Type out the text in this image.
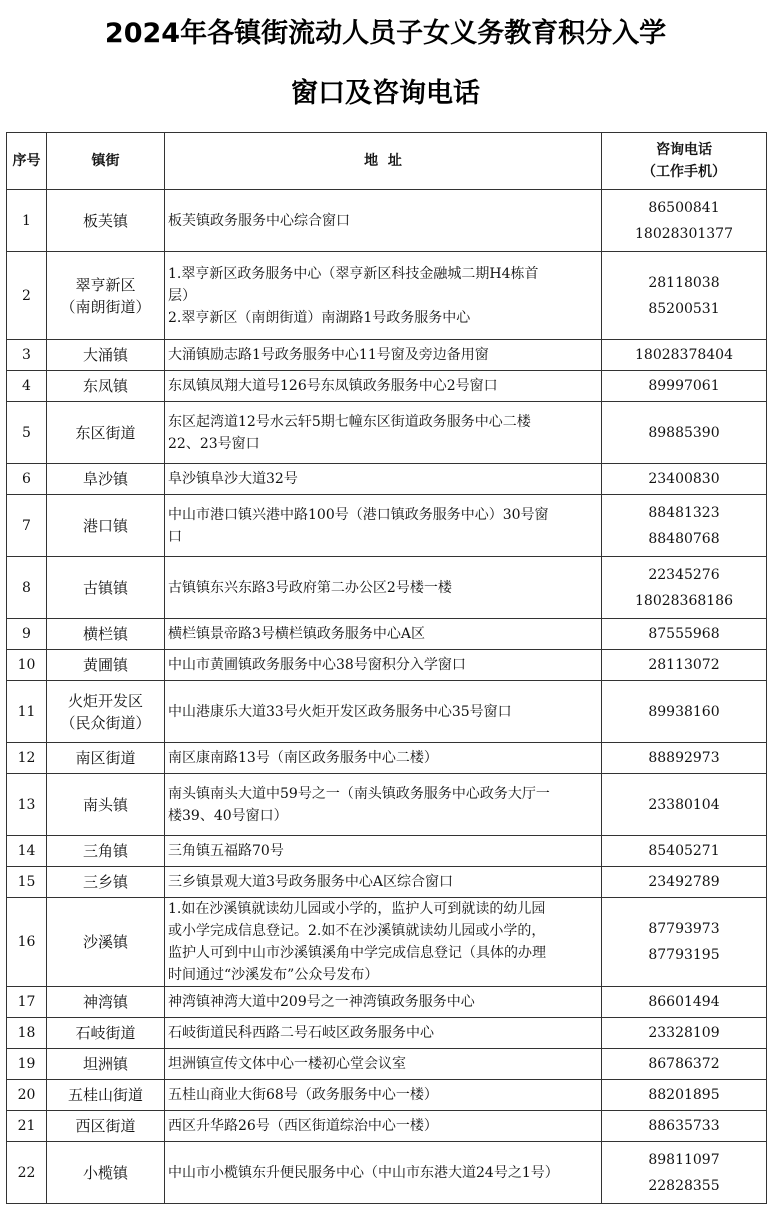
2024年各镇街流动人员子女义务教育积分入学
窗口及咨询电话
序号	镇街	地  址	咨询电话
（工作手机）

1	板芙镇	板芙镇政务服务中心综合窗口	86500841
18028301377

2	翠亨新区
（南朗街道）	1.翠亨新区政务服务中心（翠亨新区科技金融城二期H4栋首
层）
2.翠亨新区（南朗街道）南湖路1号政务服务中心	28118038
85200531

3	大涌镇	大涌镇励志路1号政务服务中心11号窗及旁边备用窗	18028378404

4	东凤镇	东凤镇凤翔大道号126号东凤镇政务服务中心2号窗口	89997061

5	东区街道	东区起湾道12号水云轩5期七幢东区街道政务服务中心二楼
22、23号窗口	89885390

6	阜沙镇	阜沙镇阜沙大道32号	23400830

7	港口镇	中山市港口镇兴港中路100号（港口镇政务服务中心）30号窗
口	88481323
88480768

8	古镇镇	古镇镇东兴东路3号政府第二办公区2号楼一楼	22345276
18028368186

9	横栏镇	横栏镇景帝路3号横栏镇政务服务中心A区	87555968

10	黄圃镇	中山市黄圃镇政务服务中心38号窗积分入学窗口	28113072

11	火炬开发区
（民众街道）	中山港康乐大道33号火炬开发区政务服务中心35号窗口	89938160

12	南区街道	南区康南路13号（南区政务服务中心二楼）	88892973

13	南头镇	南头镇南头大道中59号之一（南头镇政务服务中心政务大厅一
楼39、40号窗口）	23380104

14	三角镇	三角镇五福路70号	85405271

15	三乡镇	三乡镇景观大道3号政务服务中心A区综合窗口	23492789

16	沙溪镇	1.如在沙溪镇就读幼儿园或小学的，监护人可到就读的幼儿园
或小学完成信息登记。2.如不在沙溪镇就读幼儿园或小学的，
监护人可到中山市沙溪镇溪角中学完成信息登记（具体的办理
时间通过“沙溪发布”公众号发布）	87793973
87793195

17	神湾镇	神湾镇神湾大道中209号之一神湾镇政务服务中心	86601494

18	石岐街道	石岐街道民科西路二号石岐区政务服务中心	23328109

19	坦洲镇	坦洲镇宣传文体中心一楼初心堂会议室	86786372

20	五桂山街道	五桂山商业大街68号（政务服务中心一楼）	88201895

21	西区街道	西区升华路26号（西区街道综治中心一楼）	88635733

22	小榄镇	中山市小榄镇东升便民服务中心（中山市东港大道24号之1号）	89811097
22828355
